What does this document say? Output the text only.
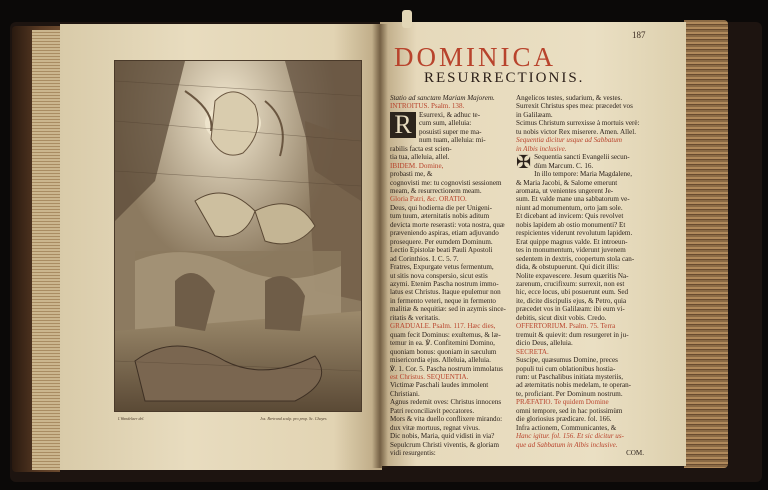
I.Wandelaer del.	Jos. Bertrand sculp. pro prop. Sc. Chayes
187
DOMINICA
RESURRECTIONIS.
Statio ad sanctam Mariam Majorem.
INTROITUS. Psalm. 138.
R	Esurrexi, & adhuc te-
cum sum, alleluia:
posuisti super me ma-
num tuam, alleluia: mi-
rabilis facta est scien-
tia tua, alleluia, allel.
IBIDEM. Domine,
probasti me, &
cognovisti me: tu cognovisti sessionem
meam, & resurrectionem meam.
Gloria Patri, &c. ORATIO.
Deus, qui hodierna die per Unigeni-
tum tuum, æternitatis nobis aditum
devicta morte reserasti: vota nostra, quæ
præveniendo aspiras, etiam adjuvando
prosequere. Per eumdem Dominum.
Lectio Epistolæ beati Pauli Apostoli
ad Corinthios. I. C. 5. 7.
Fratres, Expurgate vetus fermentum,
ut sitis nova conspersio, sicut estis
azymi. Etenim Pascha nostrum immo-
latus est Christus. Itaque epulemur non
in fermento veteri, neque in fermento
malitiæ & nequitiæ: sed in azymis since-
ritatis & veritatis.
GRADUALE. Psalm. 117. Hæc dies,
quam fecit Dominus: exultemus, & læ-
temur in ea. ℣. Confitemini Domino,
quoniam bonus: quoniam in sæculum
misericordia ejus. Alleluia, alleluia.
℣. 1. Cor. 5. Pascha nostrum immolatus
est Christus. SEQUENTIA.
Victimæ Paschali laudes immolent
Christiani.
Agnus redemit oves: Christus innocens
Patri reconciliavit peccatores.
Mors & vita duello conflixere mirando:
dux vitæ mortuus, regnat vivus.
Dic nobis, Maria, quid vidisti in via?
Sepulcrum Christi viventis, & gloriam
vidi resurgentis:
Angelicos testes, sudarium, & vestes.
Surrexit Christus spes mea: præcedet vos
in Galilæam.
Scimus Christum surrexisse à mortuis verè:
tu nobis victor Rex miserere. Amen. Allel.
Sequentia dicitur usque ad Sabbatum
in Albis inclusive.
✠ Sequentia sancti Evangelii secun-
dùm Marcum. C. 16.
In illo tempore: Maria Magdalene,
& Maria Jacobi, & Salome emerunt
aromata, ut venientes ungerent Je-
sum. Et valde mane una sabbatorum ve-
niunt ad monumentum, orto jam sole.
Et dicebant ad invicem: Quis revolvet
nobis lapidem ab ostio monumenti? Et
respicientes viderunt revolutum lapidem.
Erat quippe magnus valde. Et introeun-
tes in monumentum, viderunt juvenem
sedentem in dextris, coopertum stola can-
dida, & obstupuerunt. Qui dicit illis:
Nolite expavescere. Jesum quæritis Na-
zarenum, crucifixum: surrexit, non est
hic, ecce locus, ubi posuerunt eum. Sed
ite, dicite discipulis ejus, & Petro, quia
præcedet vos in Galilæam: ibi eum vi-
debitis, sicut dixit vobis. Credo.
OFFERTORIUM. Psalm. 75. Terra
tremuit & quievit: dum resurgeret in ju-
dicio Deus, alleluia.
SECRETA.
Suscipe, quæsumus Domine, preces
populi tui cum oblationibus hostia-
rum: ut Paschalibus initiata mysteriis,
ad æternitatis nobis medelam, te operan-
te, proficiant. Per Dominum nostrum.
PRÆFATIO. Te quidem Domine
omni tempore, sed in hac potissimùm
die gloriosius prædicare. fol. 166.
Infra actionem, Communicantes, &
Hanc igitur. fol. 156. Et sic dicitur us-
que ad Sabbatum in Albis inclusive.
COM.
